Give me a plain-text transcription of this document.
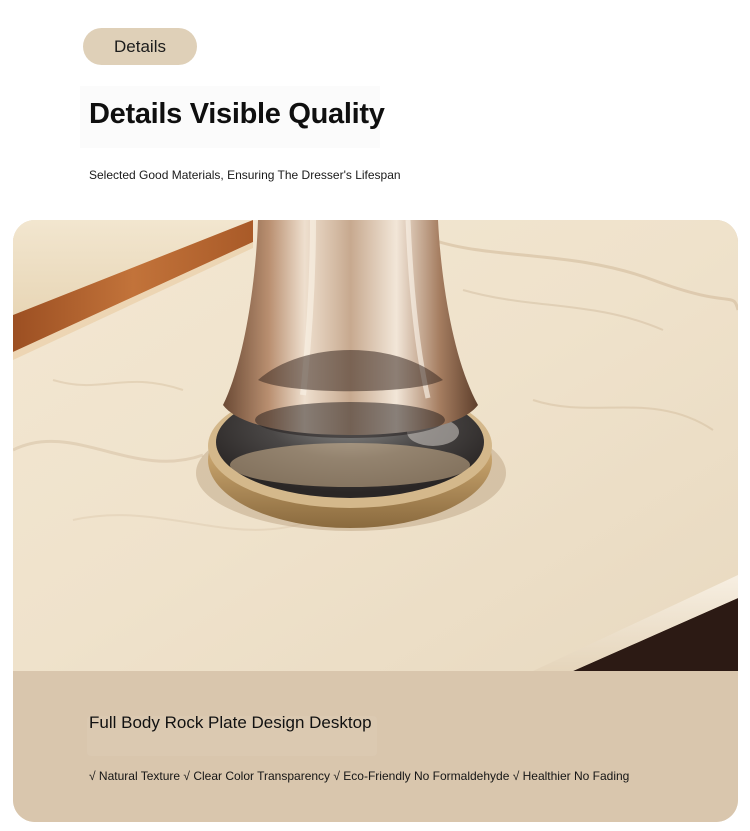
Details
Details Visible Quality
Selected Good Materials, Ensuring The Dresser's Lifespan
Full Body Rock Plate Design Desktop
√ Natural Texture √ Clear Color Transparency √ Eco-Friendly No Formaldehyde √ Healthier No Fading
